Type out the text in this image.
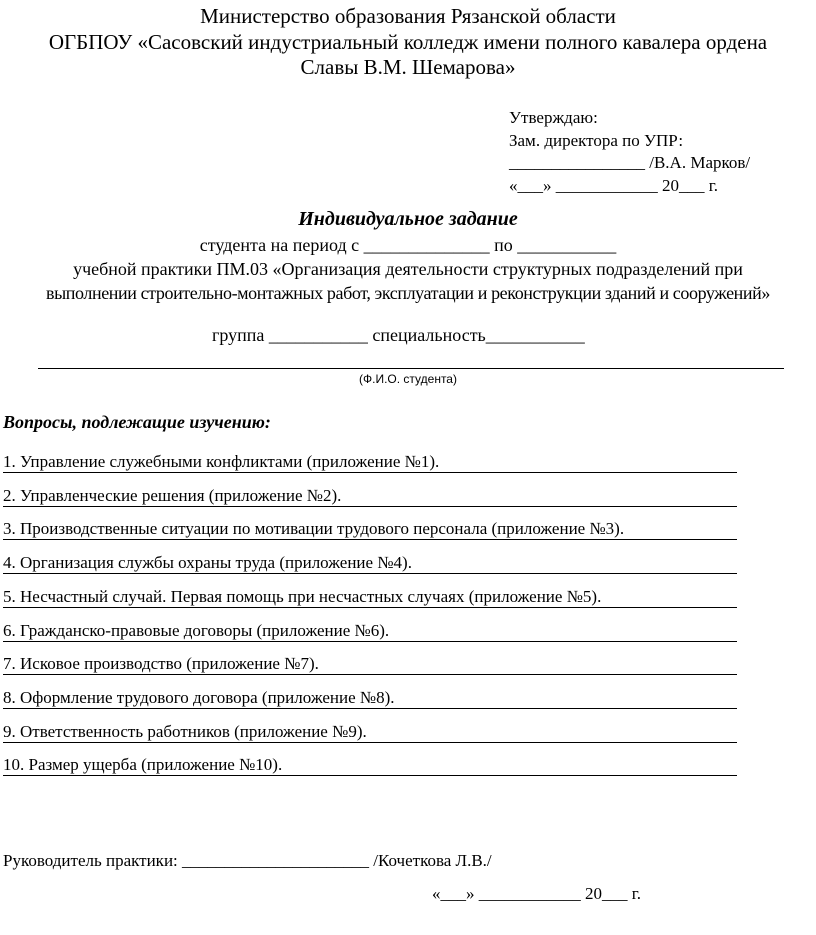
Министерство образования Рязанской области
ОГБПОУ «Сасовский индустриальный колледж имени полного кавалера ордена
Славы В.М. Шемарова»
Утверждаю:
Зам. директора по УПР:
________________ /В.А. Марков/
«___» ____________ 20___ г.
Индивидуальное задание
студента на период с ______________ по ___________
учебной практики ПМ.03 «Организация деятельности структурных подразделений при
выполнении строительно-монтажных работ, эксплуатации и реконструкции зданий и сооружений»
группа ___________ специальность___________
(Ф.И.О. студента)
Вопросы, подлежащие изучению:
1. Управление служебными конфликтами (приложение №1).
2. Управленческие решения (приложение №2).
3. Производственные ситуации по мотивации трудового персонала (приложение №3).
4. Организация службы охраны труда (приложение №4).
5. Несчастный случай. Первая помощь при несчастных случаях (приложение №5).
6. Гражданско-правовые договоры (приложение №6).
7. Исковое производство (приложение №7).
8. Оформление трудового договора (приложение №8).
9. Ответственность работников (приложение №9).
10. Размер ущерба (приложение №10).
Руководитель практики: ______________________ /Кочеткова Л.В./
«___» ____________ 20___ г.
